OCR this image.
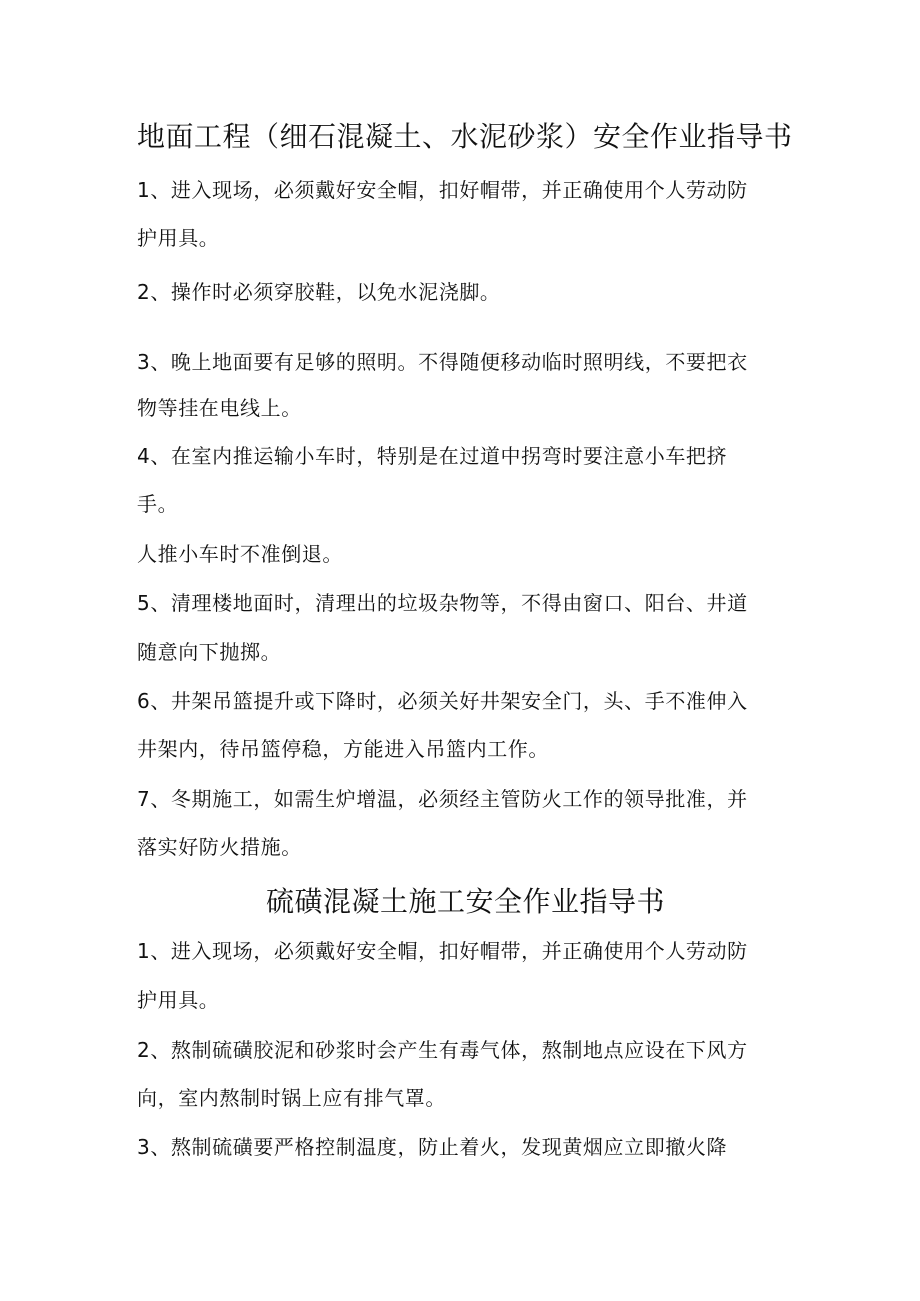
地面工程（细石混凝土、水泥砂浆）安全作业指导书
1、进入现场，必须戴好安全帽，扣好帽带，并正确使用个人劳动防
护用具。
2、操作时必须穿胶鞋，以免水泥浇脚。
3、晚上地面要有足够的照明。不得随便移动临时照明线，不要把衣
物等挂在电线上。
4、在室内推运输小车时，特别是在过道中拐弯时要注意小车把挤
手。
人推小车时不准倒退。
5、清理楼地面时，清理出的垃圾杂物等，不得由窗口、阳台、井道
随意向下抛掷。
6、井架吊篮提升或下降时，必须关好井架安全门，头、手不准伸入
井架内，待吊篮停稳，方能进入吊篮内工作。
7、冬期施工，如需生炉增温，必须经主管防火工作的领导批准，并
落实好防火措施。
硫磺混凝土施工安全作业指导书
1、进入现场，必须戴好安全帽，扣好帽带，并正确使用个人劳动防
护用具。
2、熬制硫磺胶泥和砂浆时会产生有毒气体，熬制地点应设在下风方
向，室内熬制时锅上应有排气罩。
3、熬制硫磺要严格控制温度，防止着火，发现黄烟应立即撤火降
